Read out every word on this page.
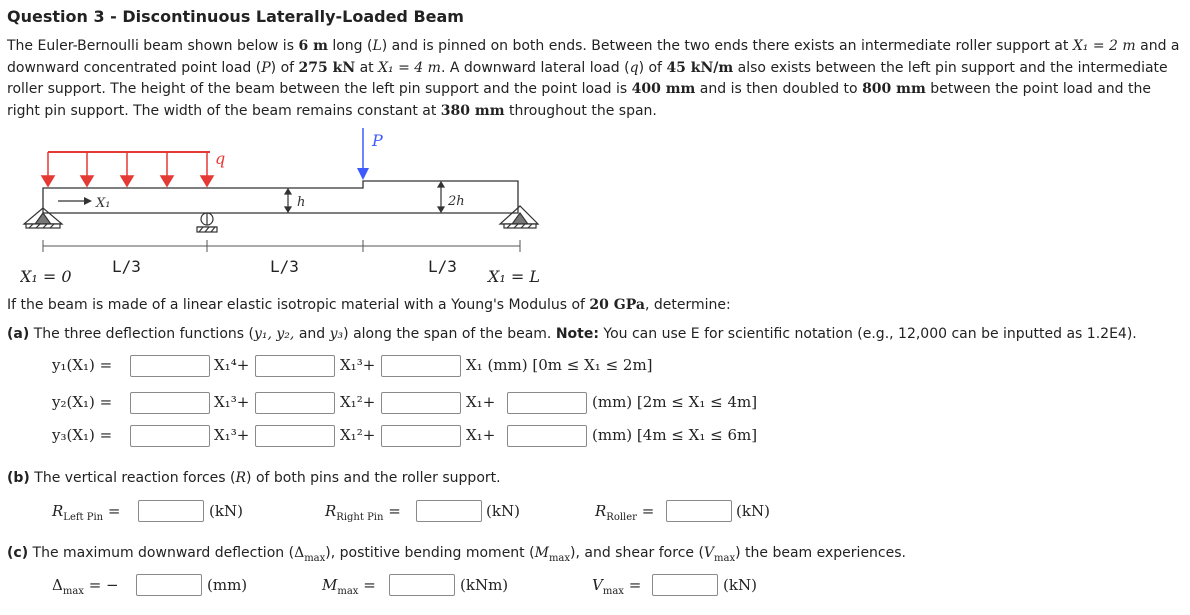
Question 3 - Discontinuous Laterally-Loaded Beam
The Euler-Bernoulli beam shown below is 6 m long (L) and is pinned on both ends. Between the two ends there exists an intermediate roller support at X₁ = 2 m and a downward concentrated point load (P) of 275 kN at X₁ = 4 m. A downward lateral load (q) of 45 kN/m also exists between the left pin support and the intermediate roller support. The height of the beam between the left pin support and the point load is 400 mm and is then doubled to 800 mm between the point load and the right pin support. The width of the beam remains constant at 380 mm throughout the span.
q
P
X₁	h	2h
L/3	L/3	L/3
X₁ = 0	X₁ = L
If the beam is made of a linear elastic isotropic material with a Young's Modulus of 20 GPa, determine:
(a) The three deflection functions (y₁, y₂, and y₃) along the span of the beam. Note: You can use E for scientific notation (e.g., 12,000 can be inputted as 1.2E4).
y₁(X₁) =	X₁⁴+	X₁³+	X₁ (mm) [0m ≤ X₁ ≤ 2m]
y₂(X₁) =	X₁³+	X₁²+	X₁+	(mm) [2m ≤ X₁ ≤ 4m]
y₃(X₁) =	X₁³+	X₁²+	X₁+	(mm) [4m ≤ X₁ ≤ 6m]
(b) The vertical reaction forces (R) of both pins and the roller support.
$R_{Left Pin}$ =	(kN)	$R_{Right Pin}$ =	(kN)	$R_{Roller}$ =	(kN)
(c) The maximum downward deflection $(\Delta_{max})$, postitive bending moment $(M_{max})$, and shear force $(V_{max})$ the beam experiences.
$\Delta_{max}$ = −	(mm)	$M_{max}$ =	(kNm)	$V_{max}$ =	(kN)
